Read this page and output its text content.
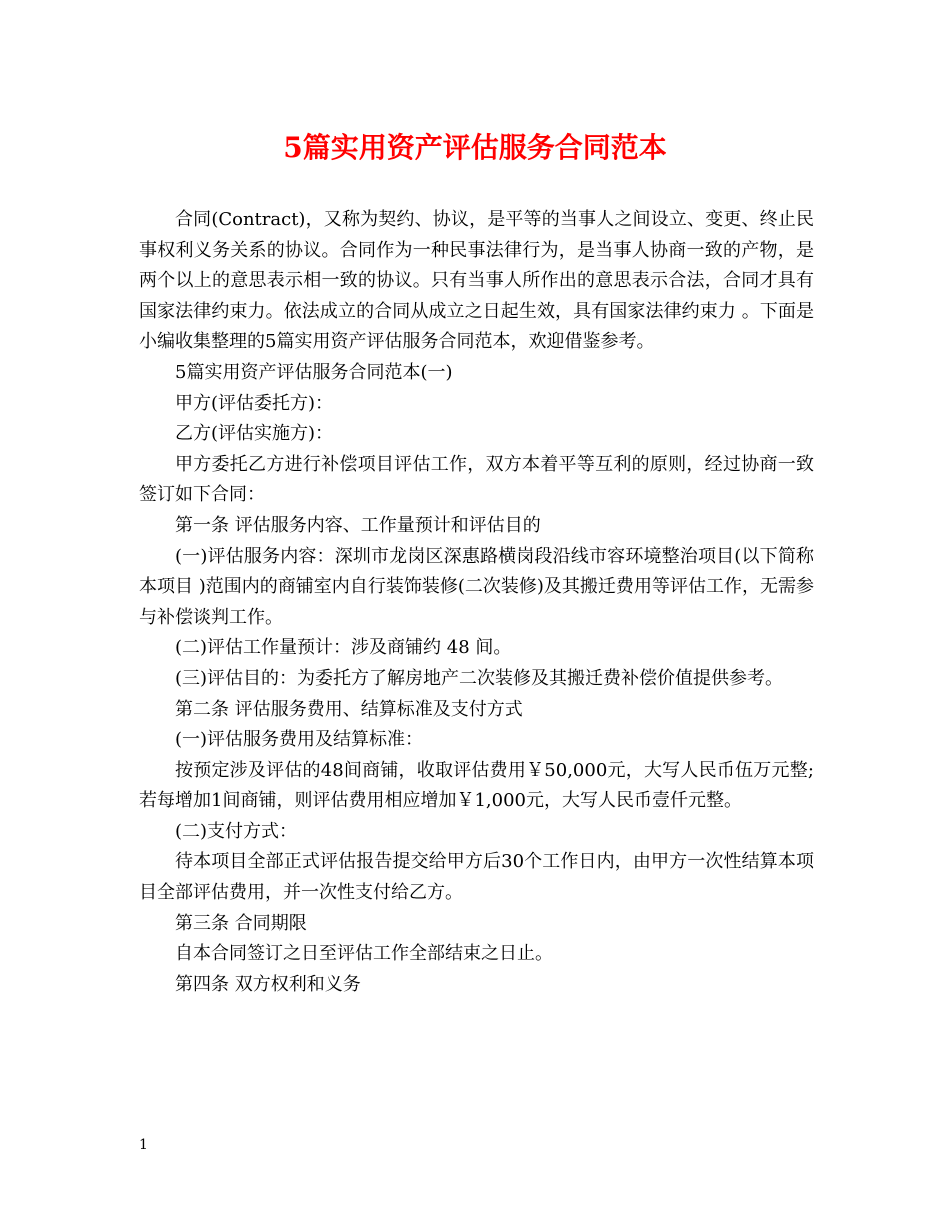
5篇实用资产评估服务合同范本

合同(Contract)，又称为契约、协议，是平等的当事人之间设立、变更、终止民事权利义务关系的协议。合同作为一种民事法律行为，是当事人协商一致的产物，是两个以上的意思表示相一致的协议。只有当事人所作出的意思表示合法，合同才具有国家法律约束力。依法成立的合同从成立之日起生效，具有国家法律约束力 。下面是小编收集整理的5篇实用资产评估服务合同范本，欢迎借鉴参考。

5篇实用资产评估服务合同范本(一)

甲方(评估委托方)：

乙方(评估实施方)：

甲方委托乙方进行补偿项目评估工作，双方本着平等互利的原则，经过协商一致签订如下合同：

第一条 评估服务内容、工作量预计和评估目的

(一)评估服务内容：深圳市龙岗区深惠路横岗段沿线市容环境整治项目(以下简称本项目 )范围内的商铺室内自行装饰装修(二次装修)及其搬迁费用等评估工作，无需参与补偿谈判工作。

(二)评估工作量预计：涉及商铺约 48 间。

(三)评估目的：为委托方了解房地产二次装修及其搬迁费补偿价值提供参考。

第二条 评估服务费用、结算标准及支付方式

(一)评估服务费用及结算标准：

按预定涉及评估的48间商铺，收取评估费用￥50,000元，大写人民币伍万元整;若每增加1间商铺，则评估费用相应增加￥1,000元，大写人民币壹仟元整。

(二)支付方式：

待本项目全部正式评估报告提交给甲方后30个工作日内，由甲方一次性结算本项目全部评估费用，并一次性支付给乙方。

第三条 合同期限

自本合同签订之日至评估工作全部结束之日止。

第四条 双方权利和义务

1
